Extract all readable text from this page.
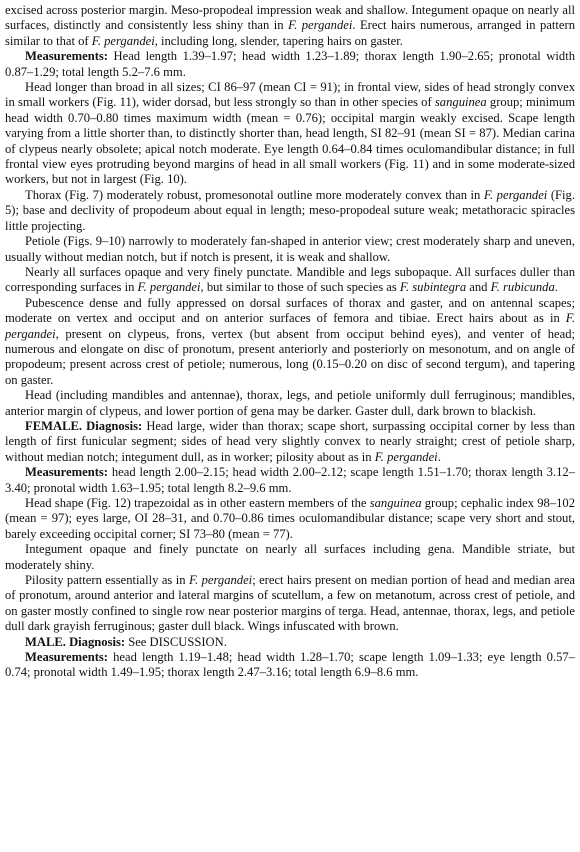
excised across posterior margin. Meso-propodeal impression weak and shallow. Integument opaque on nearly all surfaces, distinctly and consistently less shiny than in F. pergandei. Erect hairs numerous, arranged in pattern similar to that of F. pergandei, including long, slender, tapering hairs on gaster.

Measurements: Head length 1.39–1.97; head width 1.23–1.89; thorax length 1.90–2.65; pronotal width 0.87–1.29; total length 5.2–7.6 mm.

Head longer than broad in all sizes; CI 86–97 (mean CI = 91); in frontal view, sides of head strongly convex in small workers (Fig. 11), wider dorsad, but less strongly so than in other species of sanguinea group; minimum head width 0.70–0.80 times maximum width (mean = 0.76); occipital margin weakly excised. Scape length varying from a little shorter than, to distinctly shorter than, head length, SI 82–91 (mean SI = 87). Median carina of clypeus nearly obsolete; apical notch moderate. Eye length 0.64–0.84 times oculomandibular distance; in full frontal view eyes protruding beyond margins of head in all small workers (Fig. 11) and in some moderate-sized workers, but not in largest (Fig. 10).

Thorax (Fig. 7) moderately robust, promesonotal outline more moderately convex than in F. pergandei (Fig. 5); base and declivity of propodeum about equal in length; meso-propodeal suture weak; metathoracic spiracles little projecting.

Petiole (Figs. 9–10) narrowly to moderately fan-shaped in anterior view; crest moderately sharp and uneven, usually without median notch, but if notch is present, it is weak and shallow.

Nearly all surfaces opaque and very finely punctate. Mandible and legs subopaque. All surfaces duller than corresponding surfaces in F. pergandei, but similar to those of such species as F. subintegra and F. rubicunda.

Pubescence dense and fully appressed on dorsal surfaces of thorax and gaster, and on antennal scapes; moderate on vertex and occiput and on anterior surfaces of femora and tibiae. Erect hairs about as in F. pergandei, present on clypeus, frons, vertex (but absent from occiput behind eyes), and venter of head; numerous and elongate on disc of pronotum, present anteriorly and posteriorly on mesonotum, and on angle of propodeum; present across crest of petiole; numerous, long (0.15–0.20 on disc of second tergum), and tapering on gaster.

Head (including mandibles and antennae), thorax, legs, and petiole uniformly dull ferruginous; mandibles, anterior margin of clypeus, and lower portion of gena may be darker. Gaster dull, dark brown to blackish.

FEMALE. Diagnosis: Head large, wider than thorax; scape short, surpassing occipital corner by less than length of first funicular segment; sides of head very slightly convex to nearly straight; crest of petiole sharp, without median notch; integument dull, as in worker; pilosity about as in F. pergandei.

Measurements: head length 2.00–2.15; head width 2.00–2.12; scape length 1.51–1.70; thorax length 3.12–3.40; pronotal width 1.63–1.95; total length 8.2–9.6 mm.

Head shape (Fig. 12) trapezoidal as in other eastern members of the sanguinea group; cephalic index 98–102 (mean = 97); eyes large, OI 28–31, and 0.70–0.86 times oculomandibular distance; scape very short and stout, barely exceeding occipital corner; SI 73–80 (mean = 77).

Integument opaque and finely punctate on nearly all surfaces including gena. Mandible striate, but moderately shiny.

Pilosity pattern essentially as in F. pergandei; erect hairs present on median portion of head and median area of pronotum, around anterior and lateral margins of scutellum, a few on metanotum, across crest of petiole, and on gaster mostly confined to single row near posterior margins of terga. Head, antennae, thorax, legs, and petiole dull dark grayish ferruginous; gaster dull black. Wings infuscated with brown.

MALE. Diagnosis: See DISCUSSION.

Measurements: head length 1.19–1.48; head width 1.28–1.70; scape length 1.09–1.33; eye length 0.57–0.74; pronotal width 1.49–1.95; thorax length 2.47–3.16; total length 6.9–8.6 mm.
